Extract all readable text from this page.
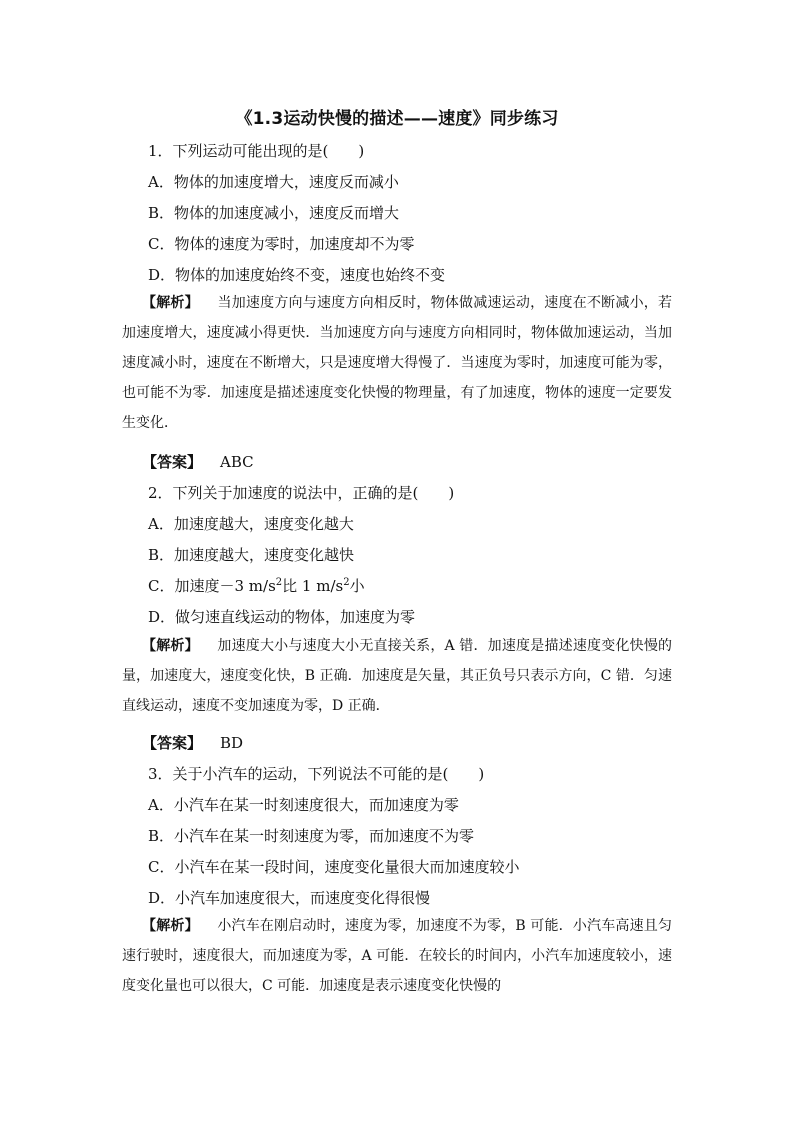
《1.3运动快慢的描述——速度》同步练习
1．下列运动可能出现的是(　　)
A．物体的加速度增大，速度反而减小
B．物体的加速度减小，速度反而增大
C．物体的速度为零时，加速度却不为零
D．物体的加速度始终不变，速度也始终不变
【解析】 当加速度方向与速度方向相反时，物体做减速运动，速度在不断减小，若加速度增大，速度减小得更快．当加速度方向与速度方向相同时，物体做加速运动，当加速度减小时，速度在不断增大，只是速度增大得慢了．当速度为零时，加速度可能为零，也可能不为零．加速度是描述速度变化快慢的物理量，有了加速度，物体的速度一定要发生变化．
【答案】 ABC
2．下列关于加速度的说法中，正确的是(　　)
A．加速度越大，速度变化越大
B．加速度越大，速度变化越快
C．加速度－3 $m/s^2$比 1 $m/s^2$小
D．做匀速直线运动的物体，加速度为零
【解析】 加速度大小与速度大小无直接关系，A 错．加速度是描述速度变化快慢的量，加速度大，速度变化快，B 正确．加速度是矢量，其正负号只表示方向，C 错．匀速直线运动，速度不变加速度为零，D 正确．
【答案】 BD
3．关于小汽车的运动，下列说法不可能的是(　　)
A．小汽车在某一时刻速度很大，而加速度为零
B．小汽车在某一时刻速度为零，而加速度不为零
C．小汽车在某一段时间，速度变化量很大而加速度较小
D．小汽车加速度很大，而速度变化得很慢
【解析】 小汽车在刚启动时，速度为零，加速度不为零，B 可能．小汽车高速且匀速行驶时，速度很大，而加速度为零，A 可能．在较长的时间内，小汽车加速度较小，速度变化量也可以很大，C 可能．加速度是表示速度变化快慢的
